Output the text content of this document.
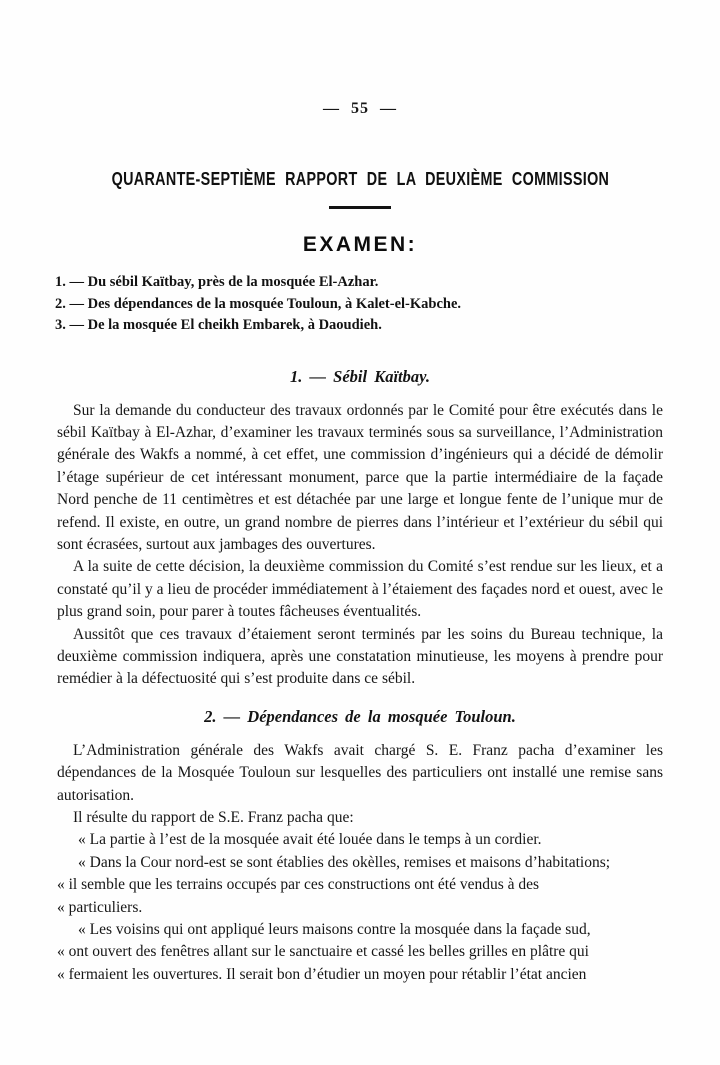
— 55 —
QUARANTE-SEPTIÈME RAPPORT DE LA DEUXIÈME COMMISSION
EXAMEN:
1. — Du sébil Kaïtbay, près de la mosquée El-Azhar.
2. — Des dépendances de la mosquée Touloun, à Kalet-el-Kabche.
3. — De la mosquée El cheikh Embarek, à Daoudieh.
1. — Sébil Kaïtbay.

Sur la demande du conducteur des travaux ordonnés par le Comité pour être exécutés dans le sébil Kaïtbay à El-Azhar, d’examiner les travaux terminés sous sa surveillance, l’Administration générale des Wakfs a nommé, à cet effet, une commission d’ingénieurs qui a décidé de démolir l’étage supérieur de cet intéressant monument, parce que la partie intermédiaire de la façade Nord penche de 11 centimètres et est détachée par une large et longue fente de l’unique mur de refend. Il existe, en outre, un grand nombre de pierres dans l’intérieur et l’extérieur du sébil qui sont écrasées, surtout aux jambages des ouvertures.

A la suite de cette décision, la deuxième commission du Comité s’est rendue sur les lieux, et a constaté qu’il y a lieu de procéder immédiatement à l’étaiement des façades nord et ouest, avec le plus grand soin, pour parer à toutes fâcheuses éventualités.

Aussitôt que ces travaux d’étaiement seront terminés par les soins du Bureau technique, la deuxième commission indiquera, après une constatation minutieuse, les moyens à prendre pour remédier à la défectuosité qui s’est produite dans ce sébil.

2. — Dépendances de la mosquée Touloun.

L’Administration générale des Wakfs avait chargé S. E. Franz pacha d’examiner les dépendances de la Mosquée Touloun sur lesquelles des particuliers ont installé une remise sans autorisation.

Il résulte du rapport de S.E. Franz pacha que:

« La partie à l’est de la mosquée avait été louée dans le temps à un cordier.
« Dans la Cour nord-est se sont établies des okèlles, remises et maisons d’habitations;
« il semble que les terrains occupés par ces constructions ont été vendus à des
« particuliers.
« Les voisins qui ont appliqué leurs maisons contre la mosquée dans la façade sud,
« ont ouvert des fenêtres allant sur le sanctuaire et cassé les belles grilles en plâtre qui
« fermaient les ouvertures. Il serait bon d’étudier un moyen pour rétablir l’état ancien
